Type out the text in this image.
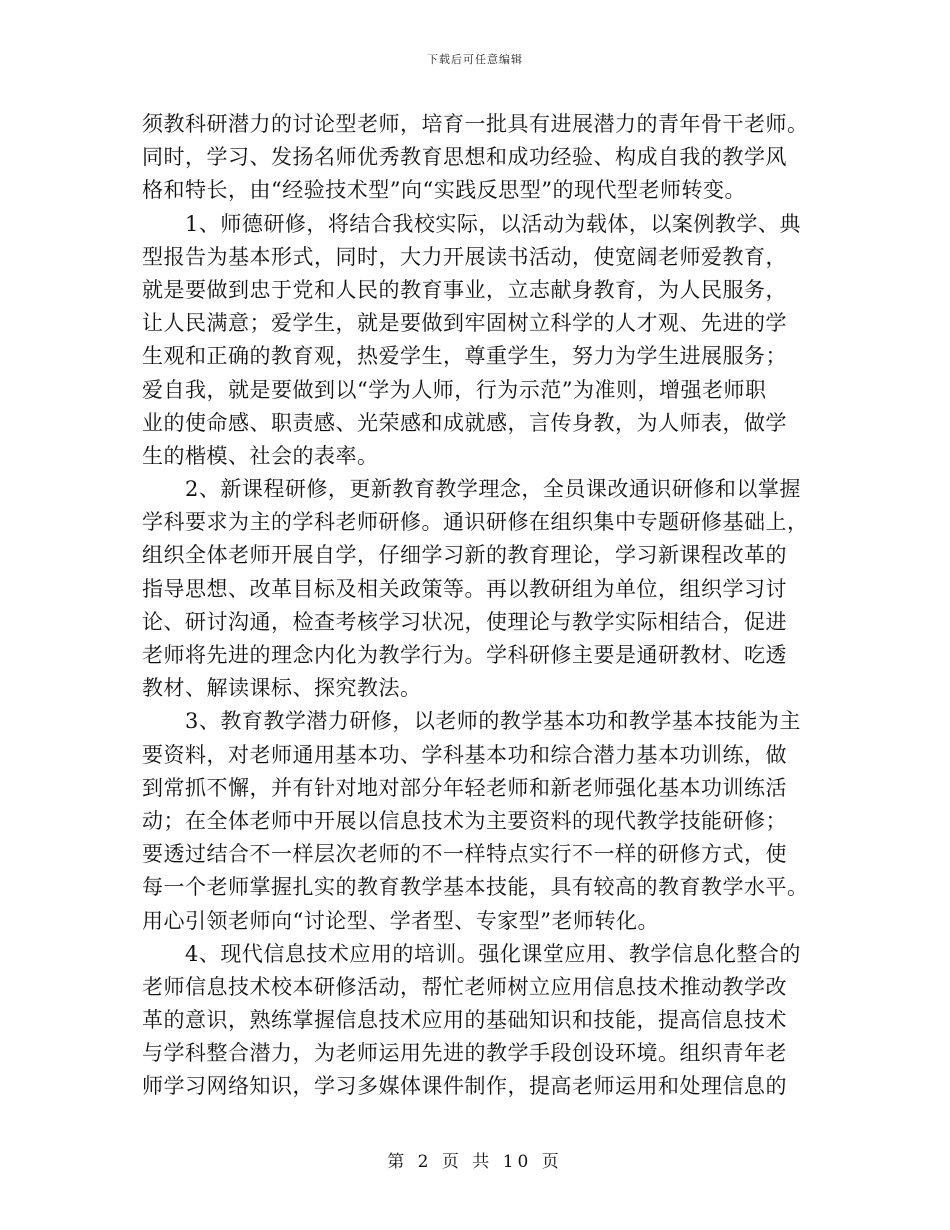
下载后可任意编辑
须教科研潜力的讨论型老师，培育一批具有进展潜力的青年骨干老师。
同时，学习、发扬名师优秀教育思想和成功经验、构成自我的教学风
格和特长，由“经验技术型”向“实践反思型”的现代型老师转变。
1、师德研修，将结合我校实际，以活动为载体，以案例教学、典
型报告为基本形式，同时，大力开展读书活动，使宽阔老师爱教育，
就是要做到忠于党和人民的教育事业，立志献身教育，为人民服务，
让人民满意；爱学生，就是要做到牢固树立科学的人才观、先进的学
生观和正确的教育观，热爱学生，尊重学生，努力为学生进展服务；
爱自我，就是要做到以“学为人师，行为示范”为准则，增强老师职
业的使命感、职责感、光荣感和成就感，言传身教，为人师表，做学
生的楷模、社会的表率。
2、新课程研修，更新教育教学理念，全员课改通识研修和以掌握
学科要求为主的学科老师研修。通识研修在组织集中专题研修基础上，
组织全体老师开展自学，仔细学习新的教育理论，学习新课程改革的
指导思想、改革目标及相关政策等。再以教研组为单位，组织学习讨
论、研讨沟通，检查考核学习状况，使理论与教学实际相结合，促进
老师将先进的理念内化为教学行为。学科研修主要是通研教材、吃透
教材、解读课标、探究教法。
3、教育教学潜力研修，以老师的教学基本功和教学基本技能为主
要资料，对老师通用基本功、学科基本功和综合潜力基本功训练，做
到常抓不懈，并有针对地对部分年轻老师和新老师强化基本功训练活
动；在全体老师中开展以信息技术为主要资料的现代教学技能研修；
要透过结合不一样层次老师的不一样特点实行不一样的研修方式，使
每一个老师掌握扎实的教育教学基本技能，具有较高的教育教学水平。
用心引领老师向“讨论型、学者型、专家型”老师转化。
4、现代信息技术应用的培训。强化课堂应用、教学信息化整合的
老师信息技术校本研修活动，帮忙老师树立应用信息技术推动教学改
革的意识，熟练掌握信息技术应用的基础知识和技能，提高信息技术
与学科整合潜力，为老师运用先进的教学手段创设环境。组织青年老
师学习网络知识，学习多媒体课件制作，提高老师运用和处理信息的
第 2 页 共 10 页
